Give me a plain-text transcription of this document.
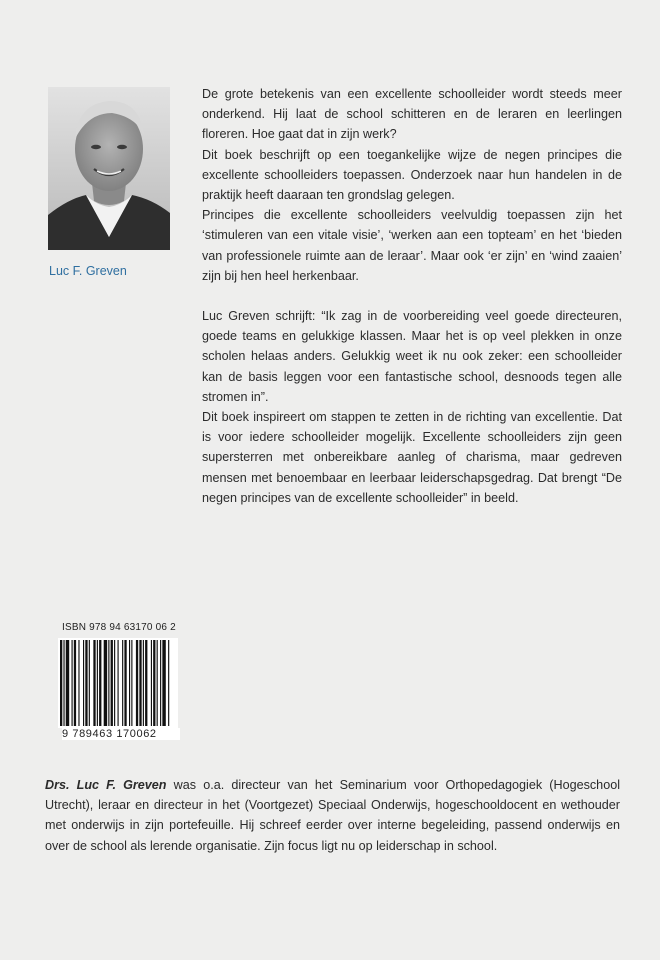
Luc F. Greven

De grote betekenis van een excellente schoolleider wordt steeds meer onderkend. Hij laat de school schitteren en de leraren en leerlingen floreren. Hoe gaat dat in zijn werk?

Dit boek beschrijft op een toegankelijke wijze de negen principes die excellente schoolleiders toepassen. Onderzoek naar hun handelen in de praktijk heeft daaraan ten grondslag gelegen.

Principes die excellente schoolleiders veelvuldig toepassen zijn het ‘stimuleren van een vitale visie’, ‘werken aan een topteam’ en het ‘bieden van professionele ruimte aan de leraar’. Maar ook ‘er zijn’ en ‘wind zaaien’ zijn bij hen heel herkenbaar.

Luc Greven schrijft: “Ik zag in de voorbereiding veel goede directeuren, goede teams en gelukkige klassen. Maar het is op veel plekken in onze scholen helaas anders. Gelukkig weet ik nu ook zeker: een schoolleider kan de basis leggen voor een fantastische school, desnoods tegen alle stromen in”.

Dit boek inspireert om stappen te zetten in de richting van excellentie. Dat is voor iedere schoolleider mogelijk. Excellente schoolleiders zijn geen supersterren met onbereikbare aanleg of charisma, maar gedreven mensen met benoembaar en leerbaar leiderschapsgedrag. Dat brengt “De negen principes van de excellente schoolleider” in beeld.

ISBN 978 94 63170 06 2
9 789463 170062
Drs. Luc F. Greven was o.a. directeur van het Seminarium voor Orthopedagogiek (Hogeschool Utrecht), leraar en directeur in het (Voortgezet) Speciaal Onderwijs, hogeschooldocent en wethouder met onderwijs in zijn portefeuille. Hij schreef eerder over interne begeleiding, passend onderwijs en over de school als lerende organisatie. Zijn focus ligt nu op leiderschap in school.
